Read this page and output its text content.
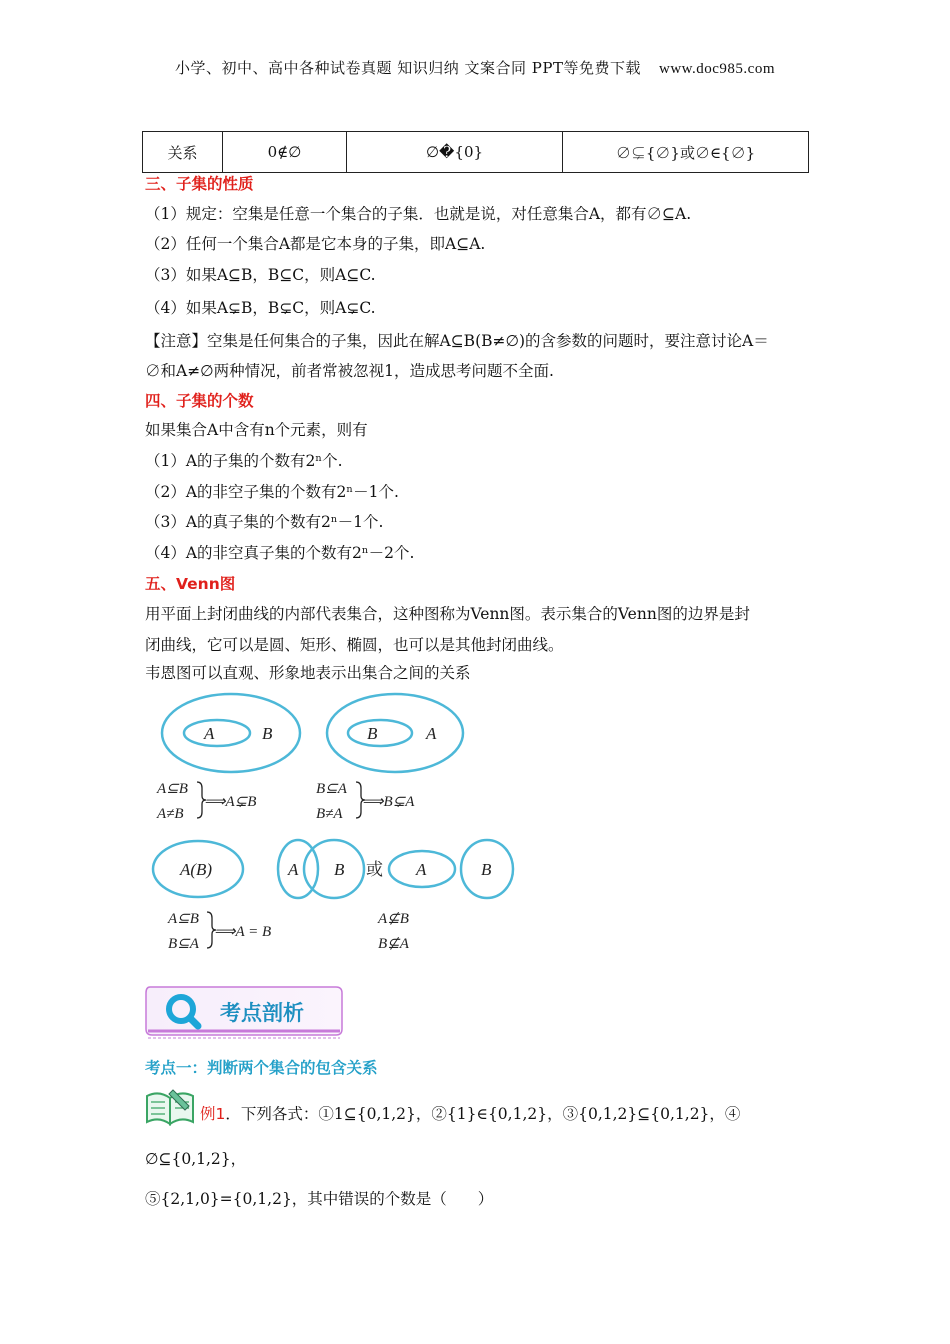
小学、初中、高中各种试卷真题 知识归纳 文案合同 PPT等免费下载 www.doc985.com
关系	0∉∅	∅�{0}	∅⊊{∅}或∅∈{∅}
三、子集的性质
（1）规定：空集是任意一个集合的子集．也就是说，对任意集合A，都有∅⊆A.
（2）任何一个集合A都是它本身的子集，即A⊆A.
（3）如果A⊆B，B⊆C，则A⊆C.
（4）如果A⊊B，B⊊C，则A⊊C.
【注意】空集是任何集合的子集，因此在解A⊆B(B≠∅)的含参数的问题时，要注意讨论A＝
∅和A≠∅两种情况，前者常被忽视1，造成思考问题不全面.
四、子集的个数
如果集合A中含有n个元素，则有
（1）A的子集的个数有2ⁿ个.
（2）A的非空子集的个数有2ⁿ－1个.
（3）A的真子集的个数有2ⁿ－1个.
（4）A的非空真子集的个数有2ⁿ－2个.
五、Venn图
用平面上封闭曲线的内部代表集合，这种图称为Venn图。表示集合的Venn图的边界是封
闭曲线，它可以是圆、矩形、椭圆，也可以是其他封闭曲线。
韦恩图可以直观、形象地表示出集合之间的关系
A	B	B	A
A(B)	A B	A	B
或
A⊆B
A≠B
⟹A⊊B
B⊆A
B≠A
⟹B⊊A
A⊆B
B⊆A
⟹A = B
A⊈B
B⊈A
考点剖析
考点一：判断两个集合的包含关系
例1．下列各式：①1⊆{0,1,2}，②{1}∈{0,1,2}，③{0,1,2}⊆{0,1,2}，④
∅⊆{0,1,2}，
⑤{2,1,0}={0,1,2}，其中错误的个数是（　　）
